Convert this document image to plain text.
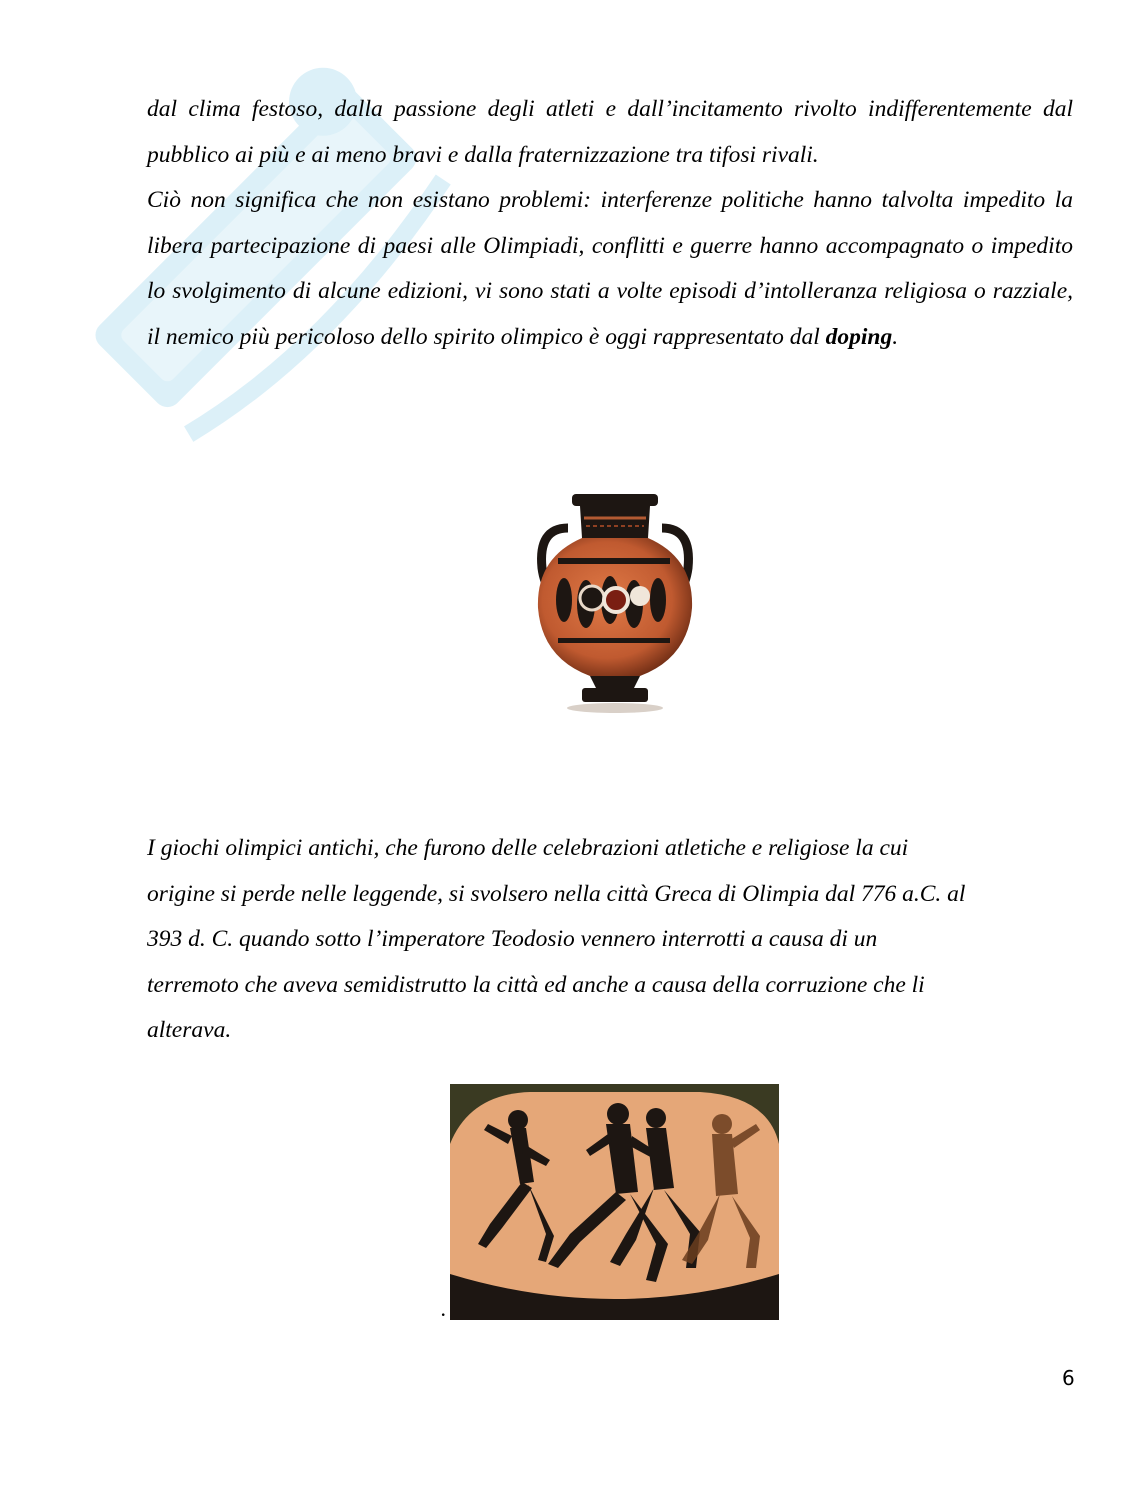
dal clima festoso, dalla passione degli atleti e dall’incitamento rivolto indifferentemente dal pubblico ai più e ai meno bravi e dalla fraternizzazione tra tifosi rivali.

Ciò non significa che non esistano problemi: interferenze politiche hanno talvolta impedito la libera partecipazione di paesi alle Olimpiadi, conflitti e guerre hanno accompagnato o impedito lo svolgimento di alcune edizioni, vi sono stati a volte episodi d’intolleranza religiosa o razziale, il nemico più pericoloso dello spirito olimpico è oggi rappresentato dal doping.

I giochi olimpici antichi, che furono delle celebrazioni atletiche e religiose la cui
origine si perde nelle leggende, si svolsero nella città Greca di Olimpia dal 776 a.C. al
393 d. C. quando sotto l’imperatore Teodosio vennero interrotti a causa di un
terremoto che aveva semidistrutto la città ed anche a causa della corruzione che li
alterava.
.
6
